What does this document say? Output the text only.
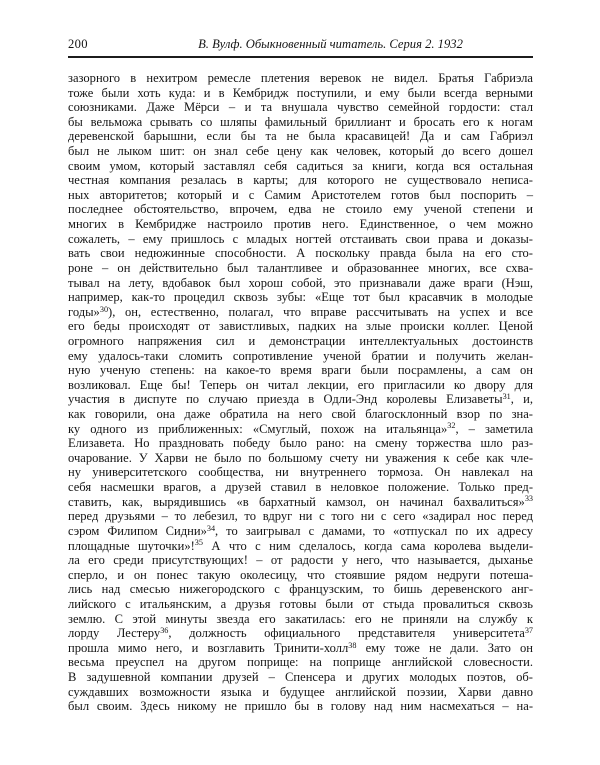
200	В. Вулф. Обыкновенный читатель. Серия 2. 1932
зазорного в нехитром ремесле плетения веревок не видел. Братья Габриэла
тоже были хоть куда: и в Кембридж поступили, и ему были всегда верными
союзниками. Даже Мёрси – и та внушала чувство семейной гордости: стал
бы вельможа срывать со шляпы фамильный бриллиант и бросать его к ногам
деревенской барышни, если бы та не была красавицей! Да и сам Габриэл
был не лыком шит: он знал себе цену как человек, который до всего дошел
своим умом, который заставлял себя садиться за книги, когда вся остальная
честная компания резалась в карты; для которого не существовало неписа-
ных авторитетов; который и с Самим Аристотелем готов был поспорить –
последнее обстоятельство, впрочем, едва не стоило ему ученой степени и
многих в Кембридже настроило против него. Единственное, о чем можно
сожалеть, – ему пришлось с младых ногтей отстаивать свои права и доказы-
вать свои недюжинные способности. А поскольку правда была на его сто-
роне – он действительно был талантливее и образованнее многих, все схва-
тывал на лету, вдобавок был хорош собой, это признавали даже враги (Нэш,
например, как-то процедил сквозь зубы: «Еще тот был красавчик в молодые
годы»$^{30}$), он, естественно, полагал, что вправе рассчитывать на успех и все
его беды происходят от завистливых, падких на злые происки коллег. Ценой
огромного напряжения сил и демонстрации интеллектуальных достоинств
ему удалось-таки сломить сопротивление ученой братии и получить желан-
ную ученую степень: на какое-то время враги были посрамлены, а сам он
возликовал. Еще бы! Теперь он читал лекции, его пригласили ко двору для
участия в диспуте по случаю приезда в Одли-Энд королевы Елизаветы$^{31}$, и,
как говорили, она даже обратила на него свой благосклонный взор по зна-
ку одного из приближенных: «Смуглый, похож на итальянца»$^{32}$, – заметила
Елизавета. Но праздновать победу было рано: на смену торжества шло раз-
очарование. У Харви не было по большому счету ни уважения к себе как чле-
ну университетского сообщества, ни внутреннего тормоза. Он навлекал на
себя насмешки врагов, а друзей ставил в неловкое положение. Только пред-
ставить, как, вырядившись «в бархатный камзол, он начинал бахвалиться»$^{33}$
перед друзьями – то лебезил, то вдруг ни с того ни с сего «задирал нос перед
сэром Филипом Сидни»$^{34}$, то заигрывал с дамами, то «отпускал по их адресу
площадные шуточки»!$^{35}$ А что с ним сделалось, когда сама королева выдели-
ла его среди присутствующих! – от радости у него, что называется, дыханье
сперло, и он понес такую околесицу, что стоявшие рядом недруги потеша-
лись над смесью нижегородского с французским, то бишь деревенского анг-
лийского с итальянским, а друзья готовы были от стыда провалиться сквозь
землю. С этой минуты звезда его закатилась: его не приняли на службу к
лорду Лестеру$^{36}$, должность официального представителя университета$^{37}$
прошла мимо него, и возглавить Тринити-холл$^{38}$ ему тоже не дали. Зато он
весьма преуспел на другом поприще: на поприще английской словесности.
В задушевной компании друзей – Спенсера и других молодых поэтов, об-
суждавших возможности языка и будущее английской поэзии, Харви давно
был своим. Здесь никому не пришло бы в голову над ним насмехаться – на-
